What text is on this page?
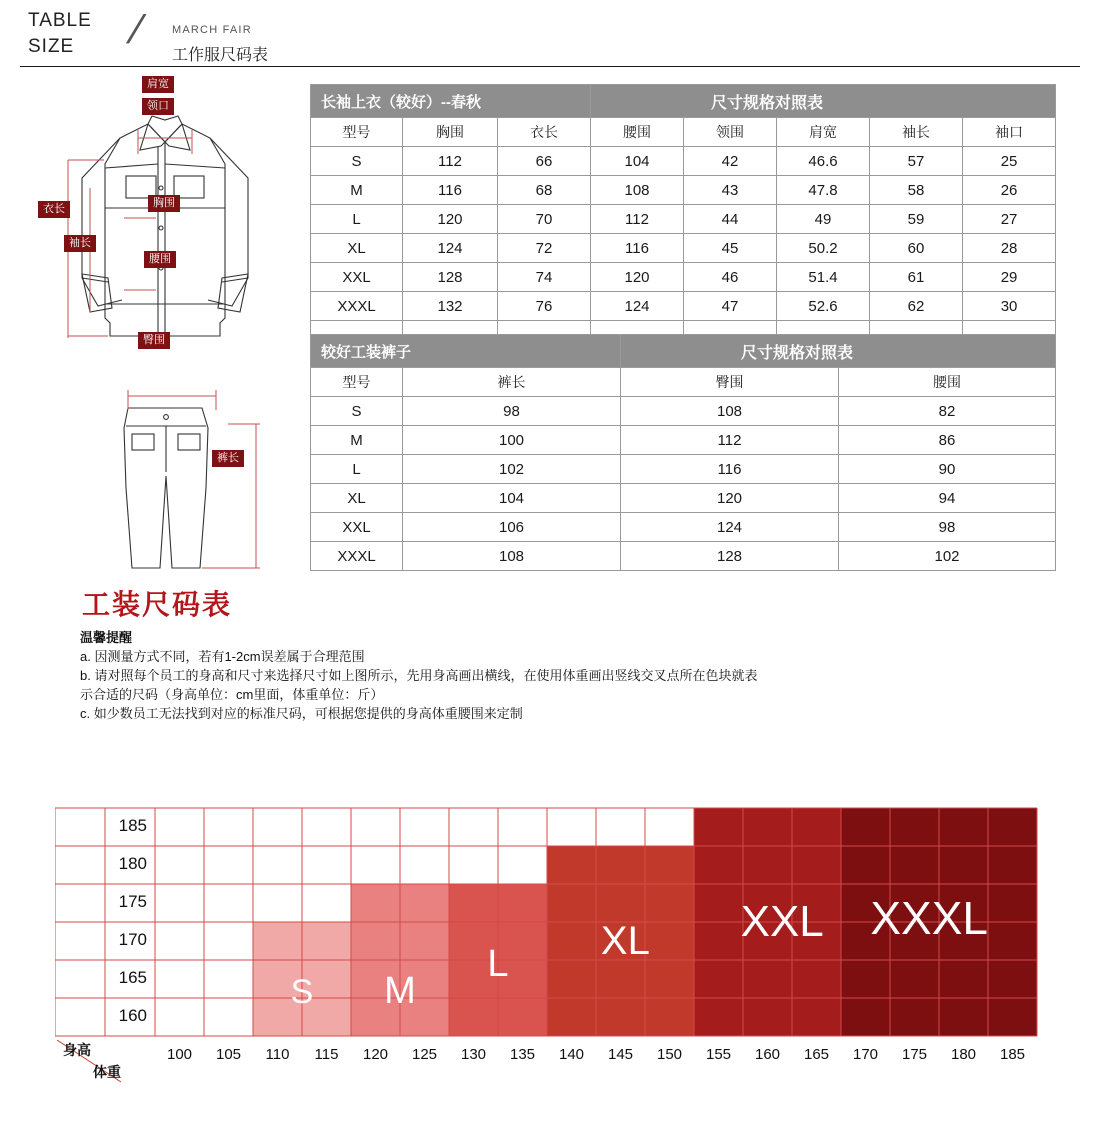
TABLE
SIZE / MARCH FAIR
工作服尺码表
肩宽
领口
胸围
衣长
袖长
腰围
臀围
裤长
长袖上衣（较好）--春秋			尺寸规格对照表				
型号	胸围	衣长	腰围	领围	肩宽	袖长	袖口
S	112	66	104	42	46.6	57	25
M	116	68	108	43	47.8	58	26
L	120	70	112	44	49	59	27
XL	124	72	116	45	50.2	60	28
XXL	128	74	120	46	51.4	61	29
XXXL	132	76	124	47	52.6	62	30

较好工装裤子		尺寸规格对照表	
型号	裤长	臀围	腰围
S	98	108	82
M	100	112	86
L	102	116	90
XL	104	120	94
XXL	106	124	98
XXXL	108	128	102
工装尺码表
温馨提醒
a. 因测量方式不同，若有1-2cm误差属于合理范围
b. 请对照每个员工的身高和尺寸来选择尺寸如上图所示，先用身高画出横线，在使用体重画出竖线交叉点所在色块就表
示合适的尺码（身高单位：cm里面，体重单位：斤）
c. 如少数员工无法找到对应的标准尺码，可根据您提供的身高体重腰围来定制
185
180
175
170
165
160
100	105	110	115	120	125	130	135	140	145	150	155	160	165	170	175	180	185
S	M
L
XL	XXL	XXXL
身高
体重
